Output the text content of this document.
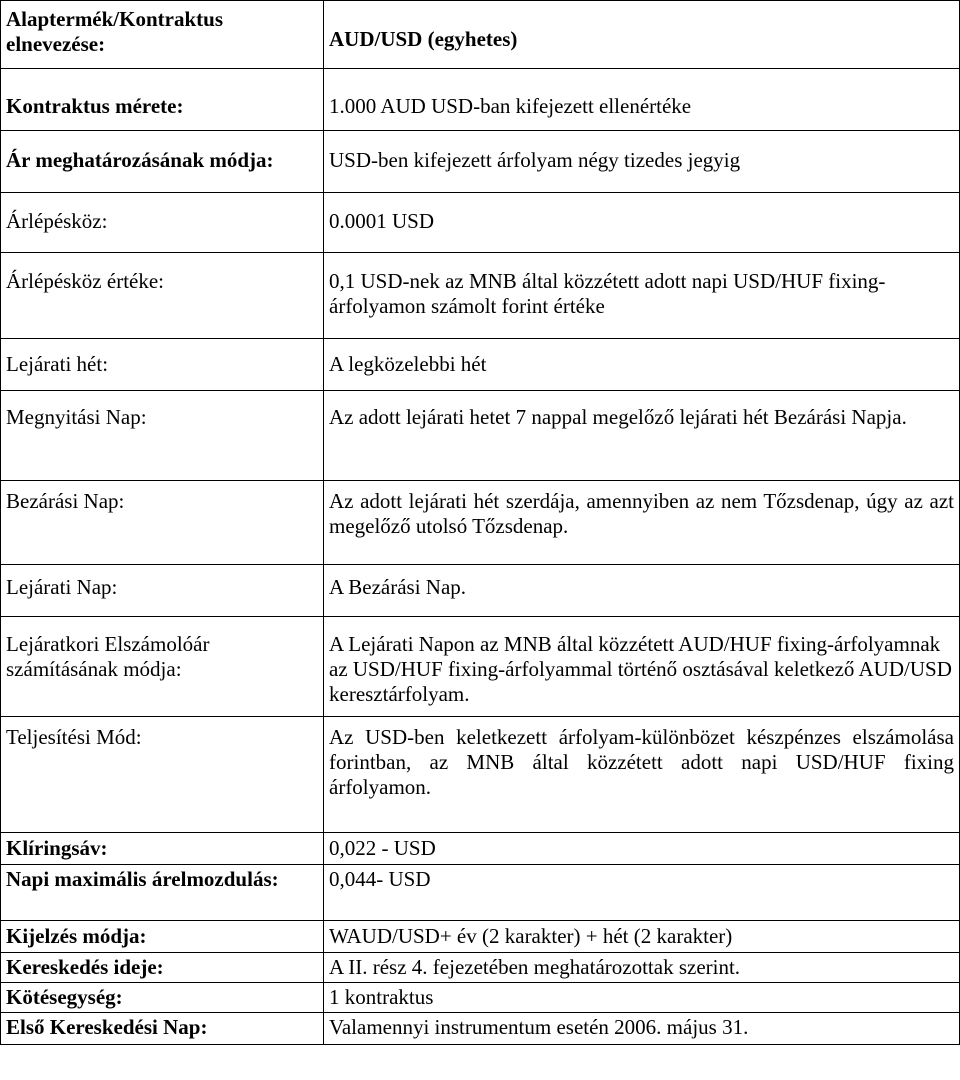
Alaptermék/Kontraktus elnevezése:	AUD/USD (egyhetes)
Kontraktus mérete:	1.000 AUD USD-ban kifejezett ellenértéke
Ár meghatározásának módja:	USD-ben kifejezett árfolyam négy tizedes jegyig
Árlépésköz:	0.0001 USD
Árlépésköz értéke:	0,1 USD-nek az MNB által közzétett adott napi USD/HUF fixing-árfolyamon számolt forint értéke
Lejárati hét:	A legközelebbi hét
Megnyitási Nap:	Az adott lejárati hetet 7 nappal megelőző lejárati hét Bezárási Napja.
Bezárási Nap:	Az adott lejárati hét szerdája, amennyiben az nem Tőzsdenap, úgy az azt megelőző utolsó Tőzsdenap.
Lejárati Nap:	A Bezárási Nap.
Lejáratkori Elszámolóár számításának módja:	A Lejárati Napon az MNB által közzétett AUD/HUF fixing-árfolyamnak az USD/HUF fixing-árfolyammal történő osztásával keletkező AUD/USD keresztárfolyam.
Teljesítési Mód:	Az USD-ben keletkezett árfolyam-különbözet készpénzes elszámolása forintban, az MNB által közzétett adott napi USD/HUF fixing árfolyamon.
Klíringsáv:	0,022 - USD
Napi maximális árelmozdulás:	0,044- USD
Kijelzés módja:	WAUD/USD+ év (2 karakter) + hét (2 karakter)
Kereskedés ideje:	A II. rész 4. fejezetében meghatározottak szerint.
Kötésegység:	1 kontraktus
Első Kereskedési Nap:	Valamennyi instrumentum esetén 2006. május 31.
